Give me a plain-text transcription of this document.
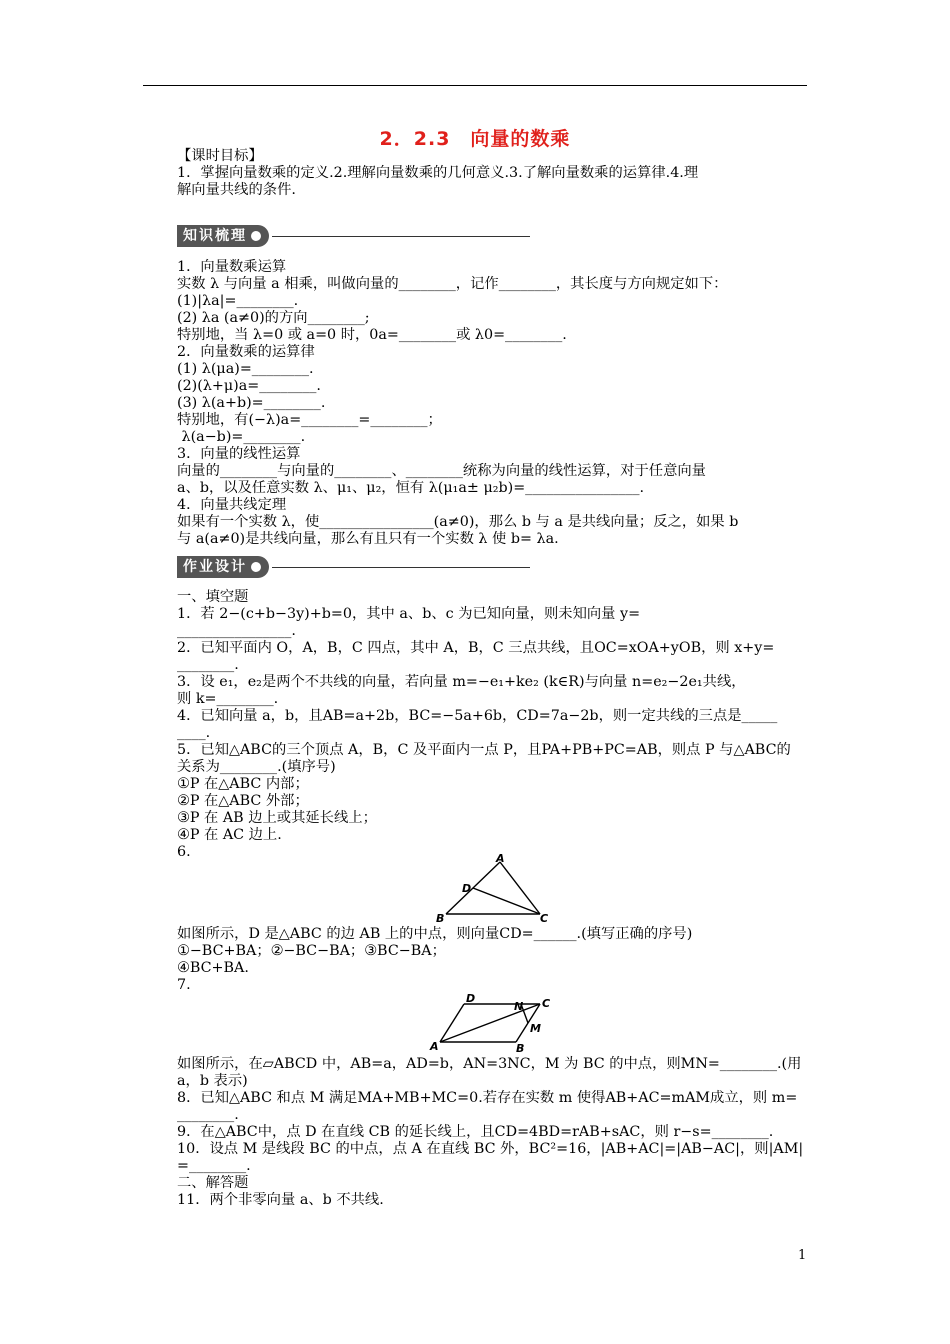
2．2.3　向量的数乘
【课时目标】
1．掌握向量数乘的定义.2.理解向量数乘的几何意义.3.了解向量数乘的运算律.4.理
解向量共线的条件.
知识梳理
1．向量数乘运算
实数 λ 与向量 a 相乘，叫做向量的________，记作________，其长度与方向规定如下：
(1)|λa|=________.
(2) λa (a≠0)的方向________;
特别地，当 λ=0 或 a=0 时，0a=________或 λ0=________.
2．向量数乘的运算律
(1) λ(μa)=________.
(2)(λ+μ)a=________.
(3) λ(a+b)=________.
特别地，有(−λ)a=________=________；
λ(a−b)=________.
3．向量的线性运算
向量的________与向量的________、________统称为向量的线性运算，对于任意向量
a、b，以及任意实数 λ、μ₁、μ₂，恒有 λ(μ₁a± μ₂b)=________________.
4．向量共线定理
如果有一个实数 λ，使________________(a≠0)，那么 b 与 a 是共线向量；反之，如果 b
与 a(a≠0)是共线向量，那么有且只有一个实数 λ 使 b= λa.
作业设计
一、填空题
1．若 2−(c+b−3y)+b=0，其中 a、b、c 为已知向量，则未知向量 y=
________________.
2．已知平面内 O，A，B，C 四点，其中 A，B，C 三点共线，且OC=xOA+yOB，则 x+y=
________.
3．设 e₁，e₂是两个不共线的向量，若向量 m=−e₁+ke₂ (k∈R)与向量 n=e₂−2e₁共线，
则 k=________.
4．已知向量 a，b，且AB=a+2b，BC=−5a+6b，CD=7a−2b，则一定共线的三点是_____
____.
5．已知△ABC的三个顶点 A，B，C 及平面内一点 P，且PA+PB+PC=AB，则点 P 与△ABC的
关系为________.(填序号)
①P 在△ABC 内部；
②P 在△ABC 外部；
③P 在 AB 边上或其延长线上；
④P 在 AC 边上.
6.	A
D
B	C
如图所示，D 是△ABC 的边 AB 上的中点，则向量CD=______.(填写正确的序号)
①−BC+BA；②−BC−BA；③BC−BA；
④BC+BA.
7.
D
N C
M
A	B
如图所示，在▱ABCD 中，AB=a，AD=b，AN=3NC，M 为 BC 的中点，则MN=________.(用
a，b 表示)
8．已知△ABC 和点 M 满足MA+MB+MC=0.若存在实数 m 使得AB+AC=mAM成立，则 m=
________.
9．在△ABC中，点 D 在直线 CB 的延长线上，且CD=4BD=rAB+sAC，则 r−s=________.
10．设点 M 是线段 BC 的中点，点 A 在直线 BC 外，BC²=16，|AB+AC|=|AB−AC|，则|AM|
=________.
二、解答题
11．两个非零向量 a、b 不共线.
1
